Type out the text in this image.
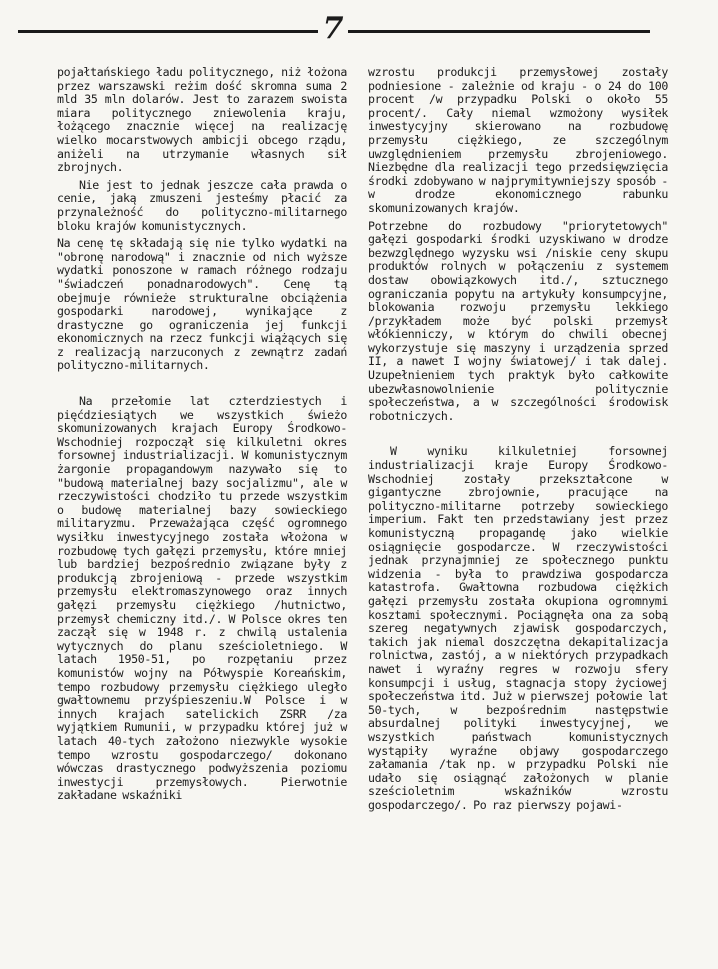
7

pojałtańskiego ładu politycznego, niż łożona przez warszawski reżim dość skromna suma 2 mld 35 mln dolarów. Jest to zarazem swoista miara politycznego zniewolenia kraju, łożącego znacznie więcej na realizację wielko mocarstwowych ambicji obcego rządu, aniżeli na utrzymanie własnych sił zbrojnych.

Nie jest to jednak jeszcze cała prawda o cenie, jaką zmuszeni jesteśmy płacić za przynależność do polityczno-militarnego bloku krajów komunistycznych.

Na cenę tę składają się nie tylko wydatki na "obronę narodową" i znacznie od nich wyższe wydatki ponoszone w ramach różnego rodzaju "świadczeń ponadnarodowych". Cenę tą obejmuje równieże strukturalne obciążenia gospodarki narodowej, wynikające z drastyczne go ograniczenia jej funkcji ekonomicznych na rzecz funkcji wiążących się z realizacją narzuconych z zewnątrz zadań polityczno-militarnych.

Na przełomie lat czterdziestych i pięćdziesiątych we wszystkich świeżo skomunizowanych krajach Europy Środkowo-Wschodniej rozpoczął się kilkuletni okres forsownej industrializacji. W komunistycznym żargonie propagandowym nazywało się to "budową materialnej bazy socjalizmu", ale w rzeczywistości chodziło tu przede wszystkim o budowę materialnej bazy sowieckiego militaryzmu. Przeważająca część ogromnego wysiłku inwestycyjnego została włożona w rozbudowę tych gałęzi przemysłu, które mniej lub bardziej bezpośrednio związane były z produkcją zbrojeniową - przede wszystkim przemysłu elektromaszynowego oraz innych gałęzi przemysłu ciężkiego /hutnictwo, przemysł chemiczny itd./. W Polsce okres ten zaczął się w 1948 r. z chwilą ustalenia wytycznych do planu sześcioletniego. W latach 1950-51, po rozpętaniu przez komunistów wojny na Półwyspie Koreańskim, tempo rozbudowy przemysłu ciężkiego uległo gwałtownemu przyśpieszeniu.W Polsce i w innych krajach satelickich ZSRR /za wyjątkiem Rumunii, w przypadku której już w latach 40-tych założono niezwykle wysokie tempo wzrostu gospodarczego/ dokonano wówczas drastycznego podwyższenia poziomu inwestycji przemysłowych. Pierwotnie zakładane wskaźniki

wzrostu produkcji przemysłowej zostały podniesione - zależnie od kraju - o 24 do 100 procent /w przypadku Polski o około 55 procent/. Cały niemal wzmożony wysiłek inwestycyjny skierowano na rozbudowę przemysłu ciężkiego, ze szczególnym uwzględnieniem przemysłu zbrojeniowego. Niezbędne dla realizacji tego przedsięwzięcia środki zdobywano w najprymitywniejszy sposób - w drodze ekonomicznego rabunku skomunizowanych krajów.

Potrzebne do rozbudowy "priorytetowych" gałęzi gospodarki środki uzyskiwano w drodze bezwzględnego wyzysku wsi /niskie ceny skupu produktów rolnych w połączeniu z systemem dostaw obowiązkowych itd./, sztucznego ograniczania popytu na artykuły konsumpcyjne, blokowania rozwoju przemysłu lekkiego /przykładem może być polski przemysł włókienniczy, w którym do chwili obecnej wykorzystuje się maszyny i urządzenia sprzed II, a nawet I wojny światowej/ i tak dalej. Uzupełnieniem tych praktyk było całkowite ubezwłasnowolnienie politycznie społeczeństwa, a w szczególności środowisk robotniczych.

W wyniku kilkuletniej forsownej industrializacji kraje Europy Środkowo-Wschodniej zostały przekształcone w gigantyczne zbrojownie, pracujące na polityczno-militarne potrzeby sowieckiego imperium. Fakt ten przedstawiany jest przez komunistyczną propagandę jako wielkie osiągnięcie gospodarcze. W rzeczywistości jednak przynajmniej ze społecznego punktu widzenia - była to prawdziwa gospodarcza katastrofa. Gwałtowna rozbudowa ciężkich gałęzi przemysłu została okupiona ogromnymi kosztami społecznymi. Pociągnęła ona za sobą szereg negatywnych zjawisk gospodarczych, takich jak niemal doszczętna dekapitalizacja rolnictwa, zastój, a w niektórych przypadkach nawet i wyraźny regres w rozwoju sfery konsumpcji i usług, stagnacja stopy życiowej społeczeństwa itd. Już w pierwszej połowie lat 50-tych, w bezpośrednim następstwie absurdalnej polityki inwestycyjnej, we wszystkich państwach komunistycznych wystąpiły wyraźne objawy gospodarczego załamania /tak np. w przypadku Polski nie udało się osiągnąć założonych w planie sześcioletnim wskaźników wzrostu gospodarczego/. Po raz pierwszy pojawi-
